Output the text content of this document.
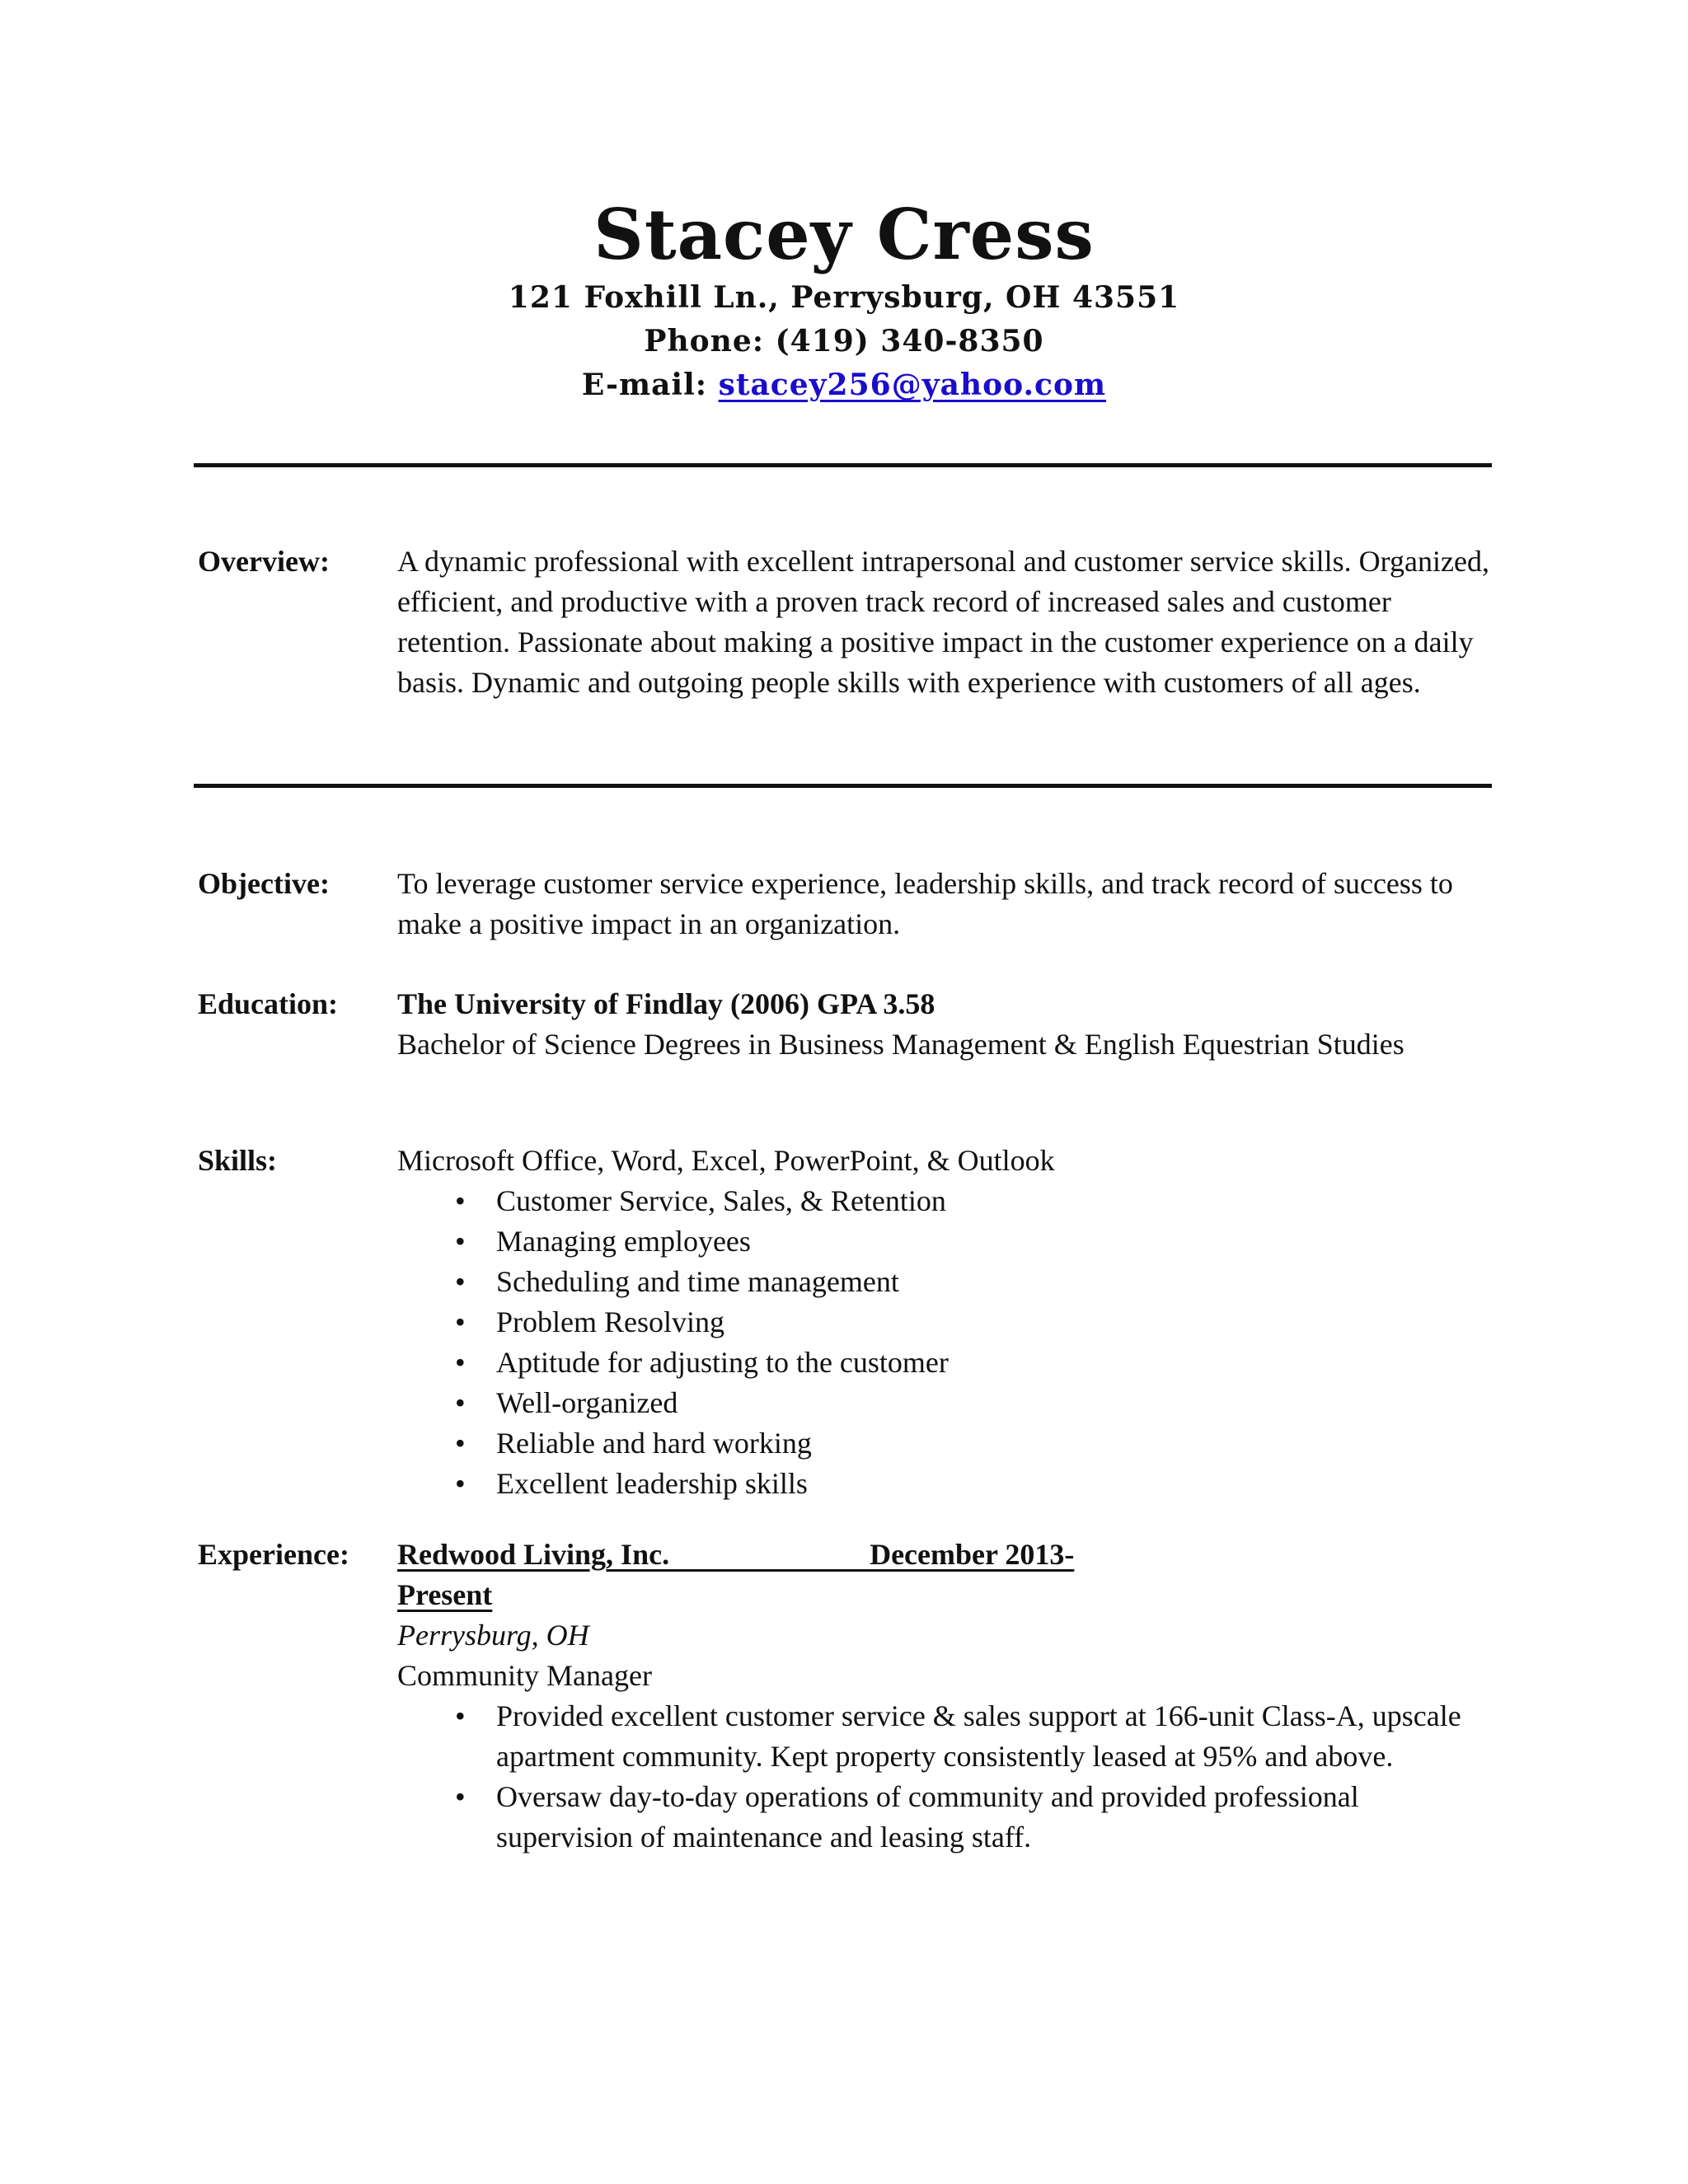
Stacey Cress
121 Foxhill Ln., Perrysburg, OH 43551
Phone: (419) 340-8350
E-mail: stacey256@yahoo.com
Overview: A dynamic professional with excellent intrapersonal and customer service skills. Organized, efficient, and productive with a proven track record of increased sales and customer retention. Passionate about making a positive impact in the customer experience on a daily basis. Dynamic and outgoing people skills with experience with customers of all ages.
Objective: To leverage customer service experience, leadership skills, and track record of success to make a positive impact in an organization.
Education: The University of Findlay (2006) GPA 3.58

Bachelor of Science Degrees in Business Management & English Equestrian Studies

Skills:	Microsoft Office, Word, Excel, PowerPoint, & Outlook

• Customer Service, Sales, & Retention
• Managing employees
• Scheduling and time management
• Problem Resolving
• Aptitude for adjusting to the customer
• Well-organized
• Reliable and hard working
• Excellent leadership skills
Experience: Redwood Living, Inc.	December 2013-

Present

Perrysburg, OH

Community Manager

• Provided excellent customer service & sales support at 166-unit Class-A, upscale apartment community. Kept property consistently leased at 95% and above.
• Oversaw day-to-day operations of community and provided professional supervision of maintenance and leasing staff.
